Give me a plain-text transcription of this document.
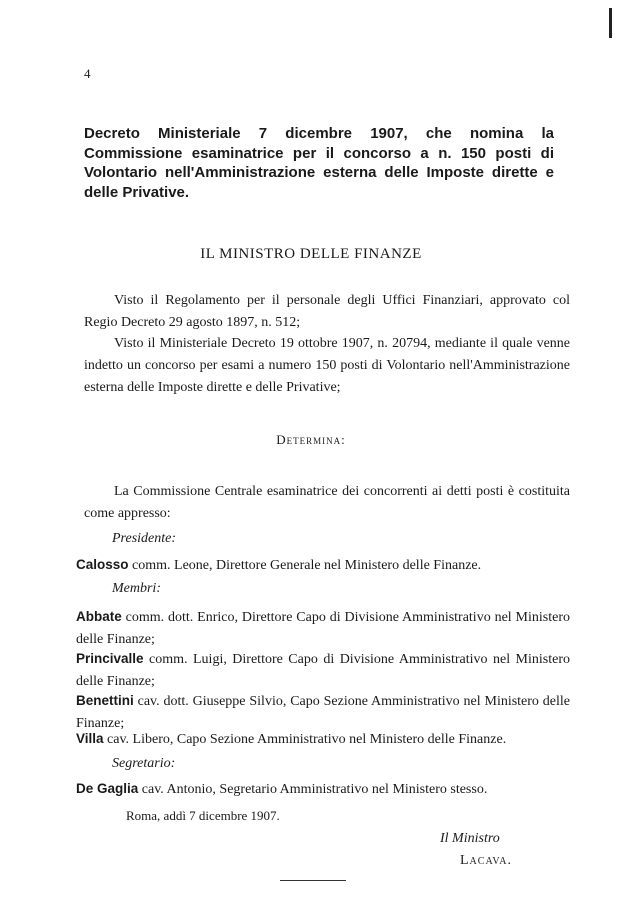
4
Decreto Ministeriale 7 dicembre 1907, che nomina la Commissione esaminatrice per il concorso a n. 150 posti di Volontario nell'Amministrazione esterna delle Imposte dirette e delle Privative.
IL MINISTRO DELLE FINANZE
Visto il Regolamento per il personale degli Uffici Finanziari, approvato col Regio Decreto 29 agosto 1897, n. 512;
Visto il Ministeriale Decreto 19 ottobre 1907, n. 20794, mediante il quale venne indetto un concorso per esami a numero 150 posti di Volontario nell'Amministrazione esterna delle Imposte dirette e delle Privative;
Determina:
La Commissione Centrale esaminatrice dei concorrenti ai detti posti è costituita come appresso:
Presidente:
Calosso comm. Leone, Direttore Generale nel Ministero delle Finanze.
Membri:
Abbate comm. dott. Enrico, Direttore Capo di Divisione Amministrativo nel Ministero delle Finanze;
Princivalle comm. Luigi, Direttore Capo di Divisione Amministrativo nel Ministero delle Finanze;
Benettini cav. dott. Giuseppe Silvio, Capo Sezione Amministrativo nel Ministero delle Finanze;
Villa cav. Libero, Capo Sezione Amministrativo nel Ministero delle Finanze.
Segretario:
De Gaglia cav. Antonio, Segretario Amministrativo nel Ministero stesso.
Roma, addì 7 dicembre 1907.
Il Ministro
Lacava.
